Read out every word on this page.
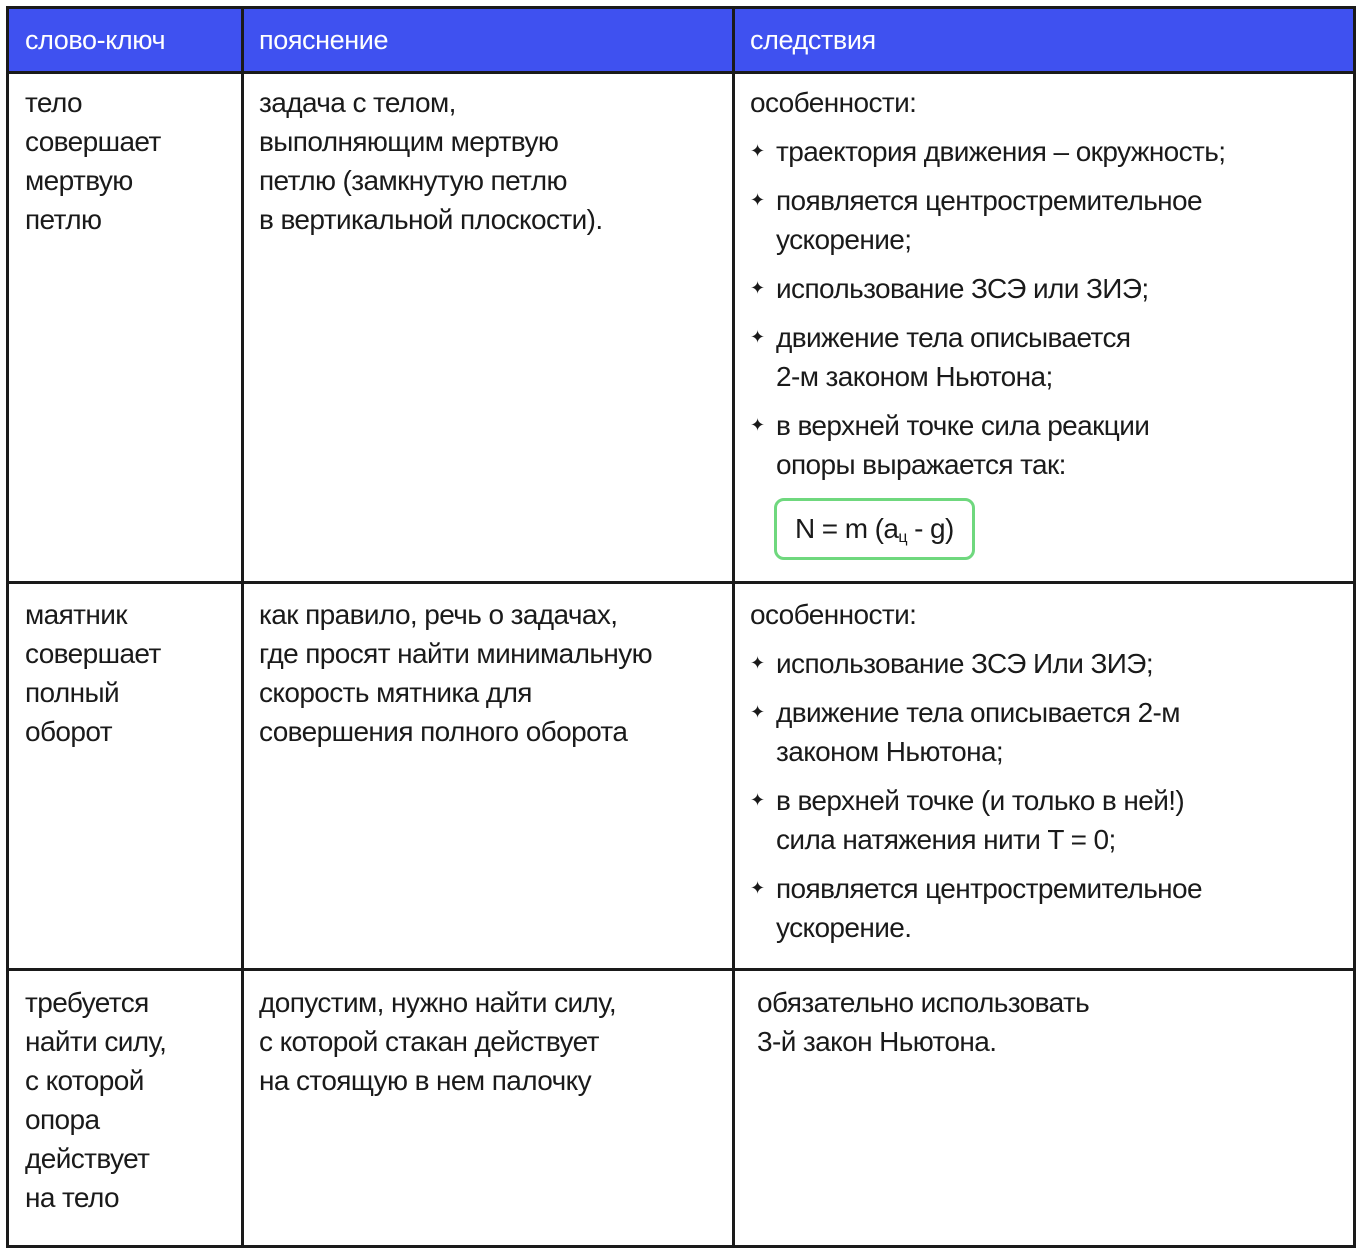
слово-ключ	пояснение	следствия
тело
совершает
мертвую
петлю
задача с телом,
выполняющим мертвую
петлю (замкнутую петлю
в вертикальной плоскости).
особенности:
✦ траектория движения – окружность;
✦ появляется центростремительное
ускорение;
✦ использование ЗСЭ или ЗИЭ;
✦ движение тела описывается
2-м законом Ньютона;
✦ в верхней точке сила реакции
опоры выражается так:
N = m $(a_ц - g)$
маятник
совершает
полный
оборот
как правило, речь о задачах,
где просят найти минимальную
скорость мятника для
совершения полного оборота
особенности:
✦ использование ЗСЭ Или ЗИЭ;
✦ движение тела описывается 2-м
законом Ньютона;
✦ в верхней точке (и только в ней!)
сила натяжения нити T = 0;
✦ появляется центростремительное
ускорение.
требуется
найти силу,
с которой
опора
действует
на тело
допустим, нужно найти силу,
с которой стакан действует
на стоящую в нем палочку
обязательно использовать
3-й закон Ньютона.
